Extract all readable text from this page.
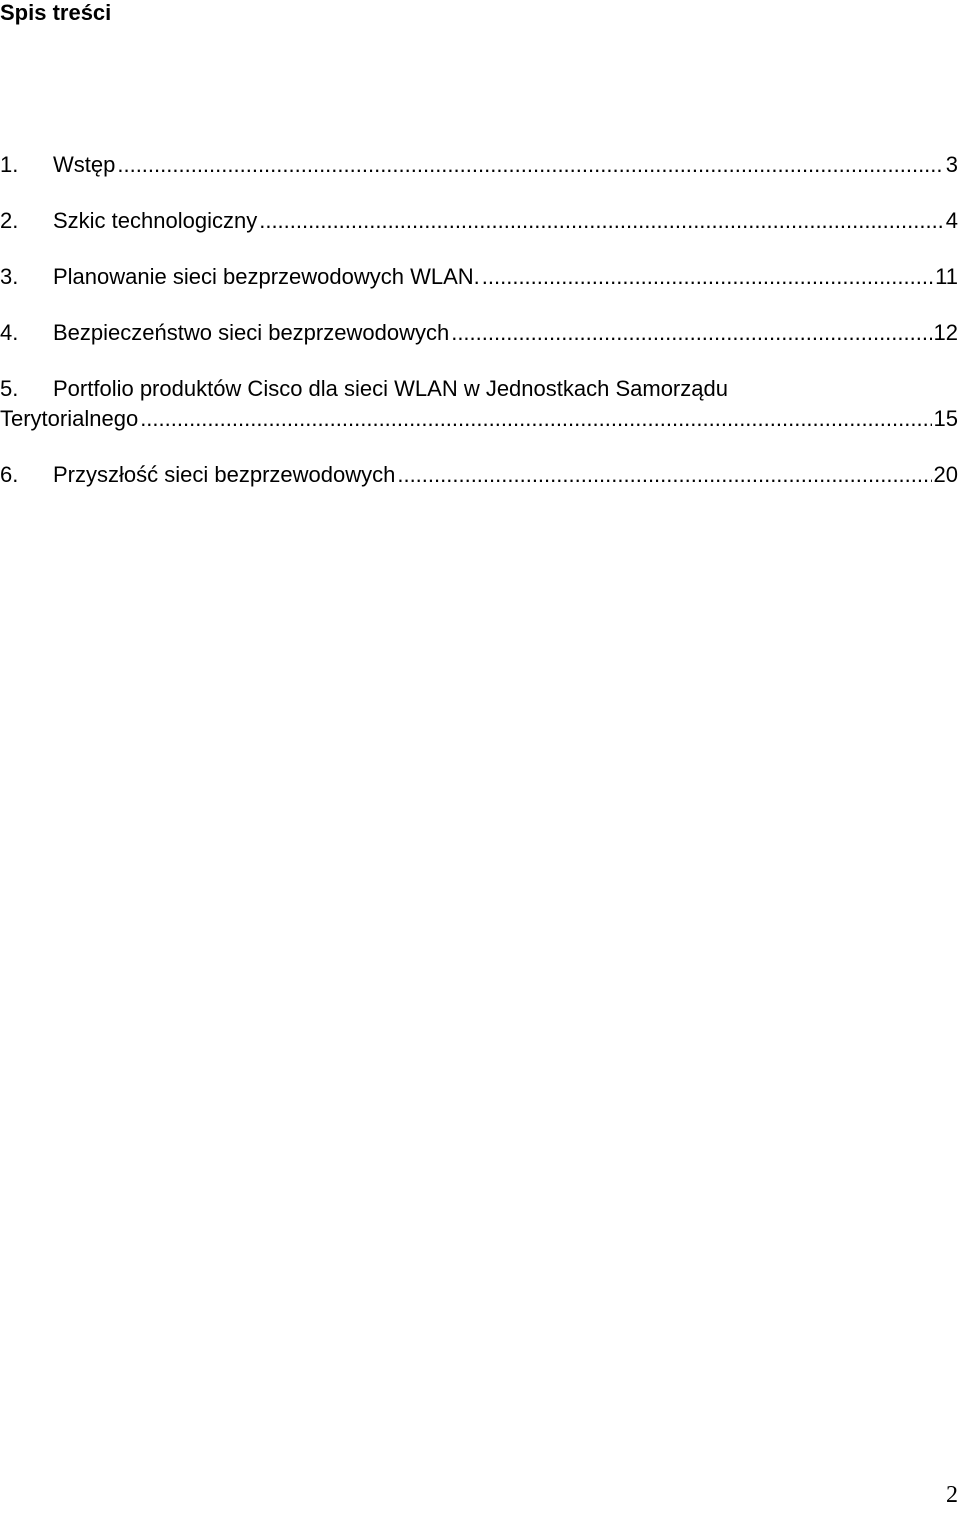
Spis treści
1.	Wstęp .....	3
2.	Szkic technologiczny .....	4
3.	Planowanie sieci bezprzewodowych WLAN. .....	11
4.	Bezpieczeństwo sieci bezprzewodowych .....	12
5.	Portfolio produktów Cisco dla sieci WLAN w Jednostkach Samorządu
Terytorialnego .....	15
6.	Przyszłość sieci bezprzewodowych .....	20
2
